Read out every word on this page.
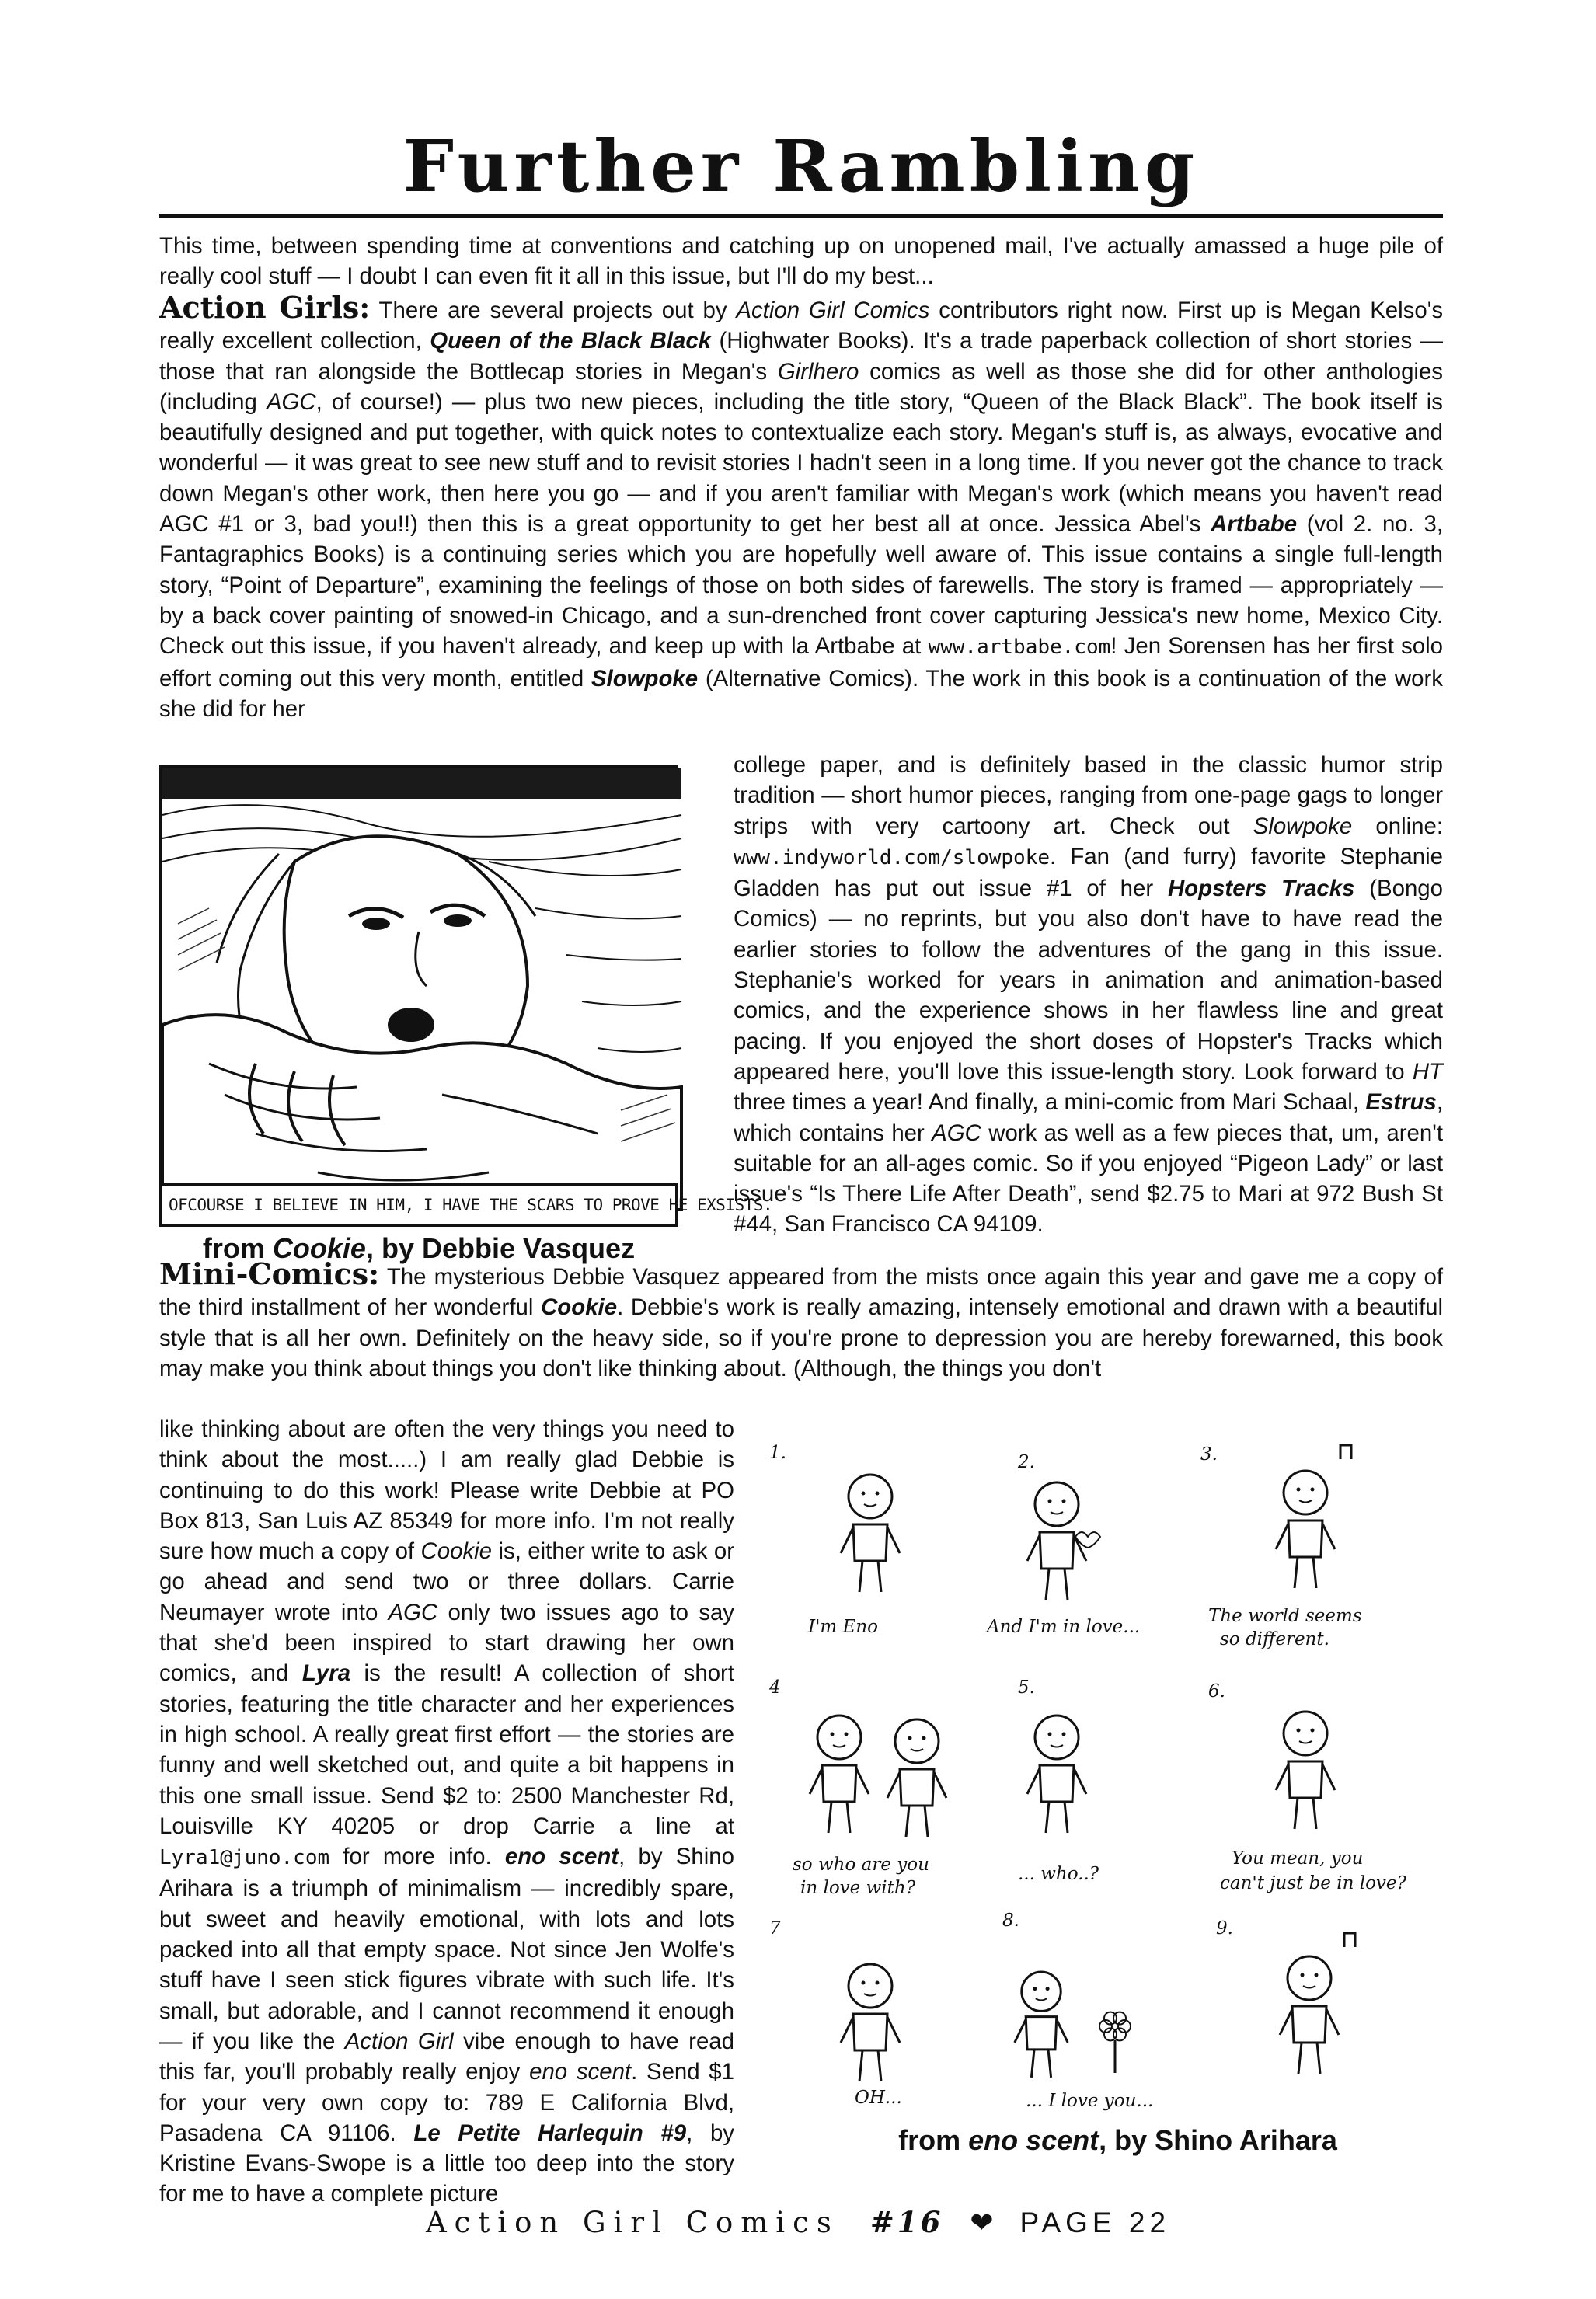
Further Rambling

This time, between spending time at conventions and catching up on unopened mail, I've actually amassed a huge pile of really cool stuff — I doubt I can even fit it all in this issue, but I'll do my best...

Action Girls: There are several projects out by Action Girl Comics contributors right now. First up is Megan Kelso's really excellent collection, Queen of the Black Black (Highwater Books). It's a trade paperback collection of short stories — those that ran alongside the Bottlecap stories in Megan's Girlhero comics as well as those she did for other anthologies (including AGC, of course!) — plus two new pieces, including the title story, “Queen of the Black Black”. The book itself is beautifully designed and put together, with quick notes to contextualize each story. Megan's stuff is, as always, evocative and wonderful — it was great to see new stuff and to revisit stories I hadn't seen in a long time. If you never got the chance to track down Megan's other work, then here you go — and if you aren't familiar with Megan's work (which means you haven't read AGC #1 or 3, bad you!!) then this is a great opportunity to get her best all at once. Jessica Abel's Artbabe (vol 2. no. 3, Fantagraphics Books) is a continuing series which you are hopefully well aware of. This issue contains a single full-length story, “Point of Departure”, examining the feelings of those on both sides of farewells. The story is framed — appropriately — by a back cover painting of snowed-in Chicago, and a sun-drenched front cover capturing Jessica's new home, Mexico City. Check out this issue, if you haven't already, and keep up with la Artbabe at www.artbabe.com! Jen Sorensen has her first solo effort coming out this very month, entitled Slowpoke (Alternative Comics). The work in this book is a continuation of the work she did for her

college paper, and is definitely based in the classic humor strip tradition — short humor pieces, ranging from one-page gags to longer strips with very cartoony art. Check out Slowpoke online: www.indyworld.com/slowpoke. Fan (and furry) favorite Stephanie Gladden has put out issue #1 of her Hopsters Tracks (Bongo Comics) — no reprints, but you also don't have to have read the earlier stories to follow the adventures of the gang in this issue. Stephanie's worked for years in animation and animation-based comics, and the experience shows in her flawless line and great pacing. If you enjoyed the short doses of Hopster's Tracks which appeared here, you'll love this issue-length story. Look forward to HT three times a year! And finally, a mini-comic from Mari Schaal, Estrus, which contains her AGC work as well as a few pieces that, um, aren't suitable for an all-ages comic. So if you enjoyed “Pigeon Lady” or last issue's “Is There Life After Death”, send $2.75 to Mari at 972 Bush St #44, San Francisco CA 94109.

OFCOURSE I BELIEVE IN HIM, I HAVE THE SCARS TO PROVE HE EXSISTS.
from Cookie, by Debbie Vasquez

Mini-Comics: The mysterious Debbie Vasquez appeared from the mists once again this year and gave me a copy of the third installment of her wonderful Cookie. Debbie's work is really amazing, intensely emotional and drawn with a beautiful style that is all her own. Definitely on the heavy side, so if you're prone to depression you are hereby forewarned, this book may make you think about things you don't like thinking about. (Although, the things you don't

like thinking about are often the very things you need to think about the most.....) I am really glad Debbie is continuing to do this work! Please write Debbie at PO Box 813, San Luis AZ 85349 for more info. I'm not really sure how much a copy of Cookie is, either write to ask or go ahead and send two or three dollars. Carrie Neumayer wrote into AGC only two issues ago to say that she'd been inspired to start drawing her own comics, and Lyra is the result! A collection of short stories, featuring the title character and her experiences in high school. A really great first effort — the stories are funny and well sketched out, and quite a bit happens in this one small issue. Send $2 to: 2500 Manchester Rd, Louisville KY 40205 or drop Carrie a line at Lyra1@juno.com for more info. eno scent, by Shino Arihara is a triumph of minimalism — incredibly spare, but sweet and heavily emotional, with lots and lots packed into all that empty space. Not since Jen Wolfe's stuff have I seen stick figures vibrate with such life. It's small, but adorable, and I cannot recommend it enough — if you like the Action Girl vibe enough to have read this far, you'll probably really enjoy eno scent. Send $1 for your very own copy to: 789 E California Blvd, Pasadena CA 91106. Le Petite Harlequin #9, by Kristine Evans-Swope is a little too deep into the story for me to have a complete picture

1.	2.	3.
4	5.	6.
7	8.	9.
I'm Eno	And I'm in love...
The world seems
so different.
so who are you
in love with?
... who..?
You mean, you
can't just be in love?
OH...	... I love you...
from eno scent, by Shino Arihara
Action Girl Comics #16 ❤ PAGE 22
